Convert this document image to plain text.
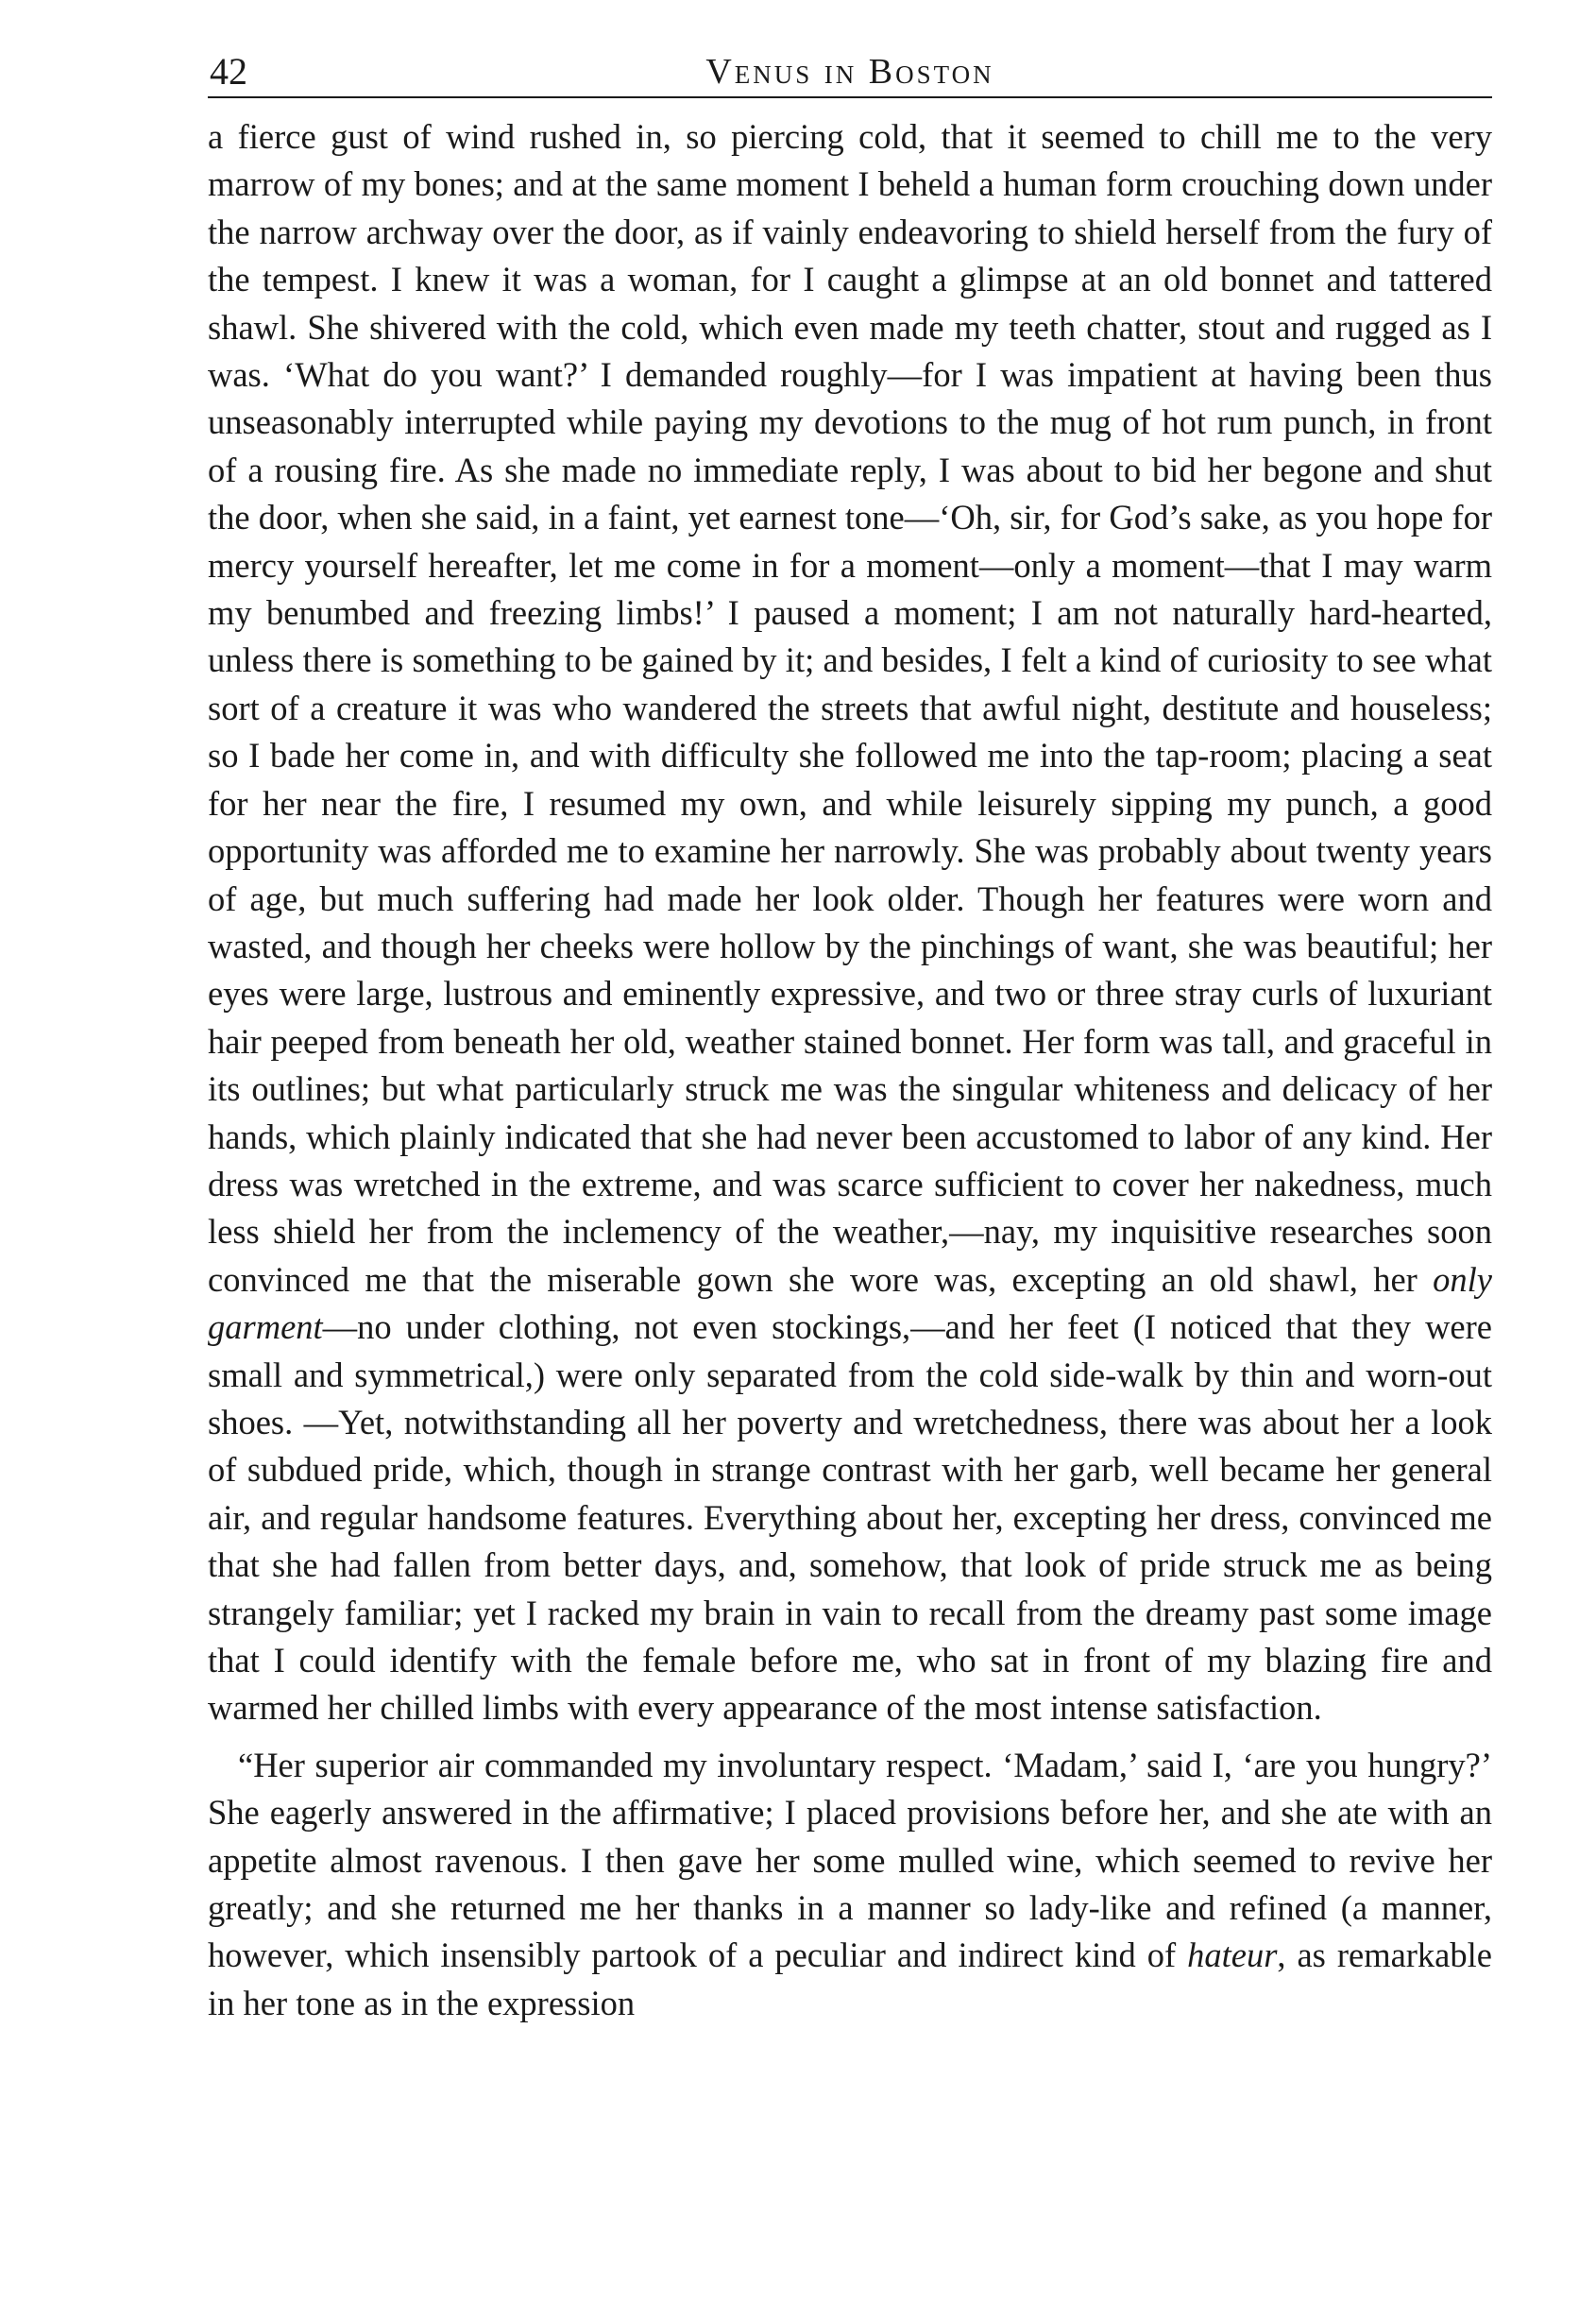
42	Venus in Boston

a fierce gust of wind rushed in, so piercing cold, that it seemed to chill me to the very marrow of my bones; and at the same moment I beheld a human form crouching down under the narrow archway over the door, as if vainly endeavoring to shield herself from the fury of the tempest. I knew it was a woman, for I caught a glimpse at an old bonnet and tattered shawl. She shivered with the cold, which even made my teeth chatter, stout and rugged as I was. ‘What do you want?’ I demanded roughly—for I was impatient at having been thus unseasonably interrupted while paying my devotions to the mug of hot rum punch, in front of a rousing fire. As she made no immediate reply, I was about to bid her begone and shut the door, when she said, in a faint, yet earnest tone—‘Oh, sir, for God’s sake, as you hope for mercy yourself hereafter, let me come in for a moment—only a moment—that I may warm my benumbed and freezing limbs!’ I paused a moment; I am not naturally hard-hearted, unless there is something to be gained by it; and besides, I felt a kind of curiosity to see what sort of a creature it was who wandered the streets that awful night, destitute and houseless; so I bade her come in, and with difficulty she followed me into the tap-room; placing a seat for her near the fire, I resumed my own, and while leisurely sipping my punch, a good opportunity was afforded me to examine her narrowly. She was probably about twenty years of age, but much suffering had made her look older. Though her features were worn and wasted, and though her cheeks were hollow by the pinchings of want, she was beautiful; her eyes were large, lustrous and eminently expressive, and two or three stray curls of luxuriant hair peeped from beneath her old, weather stained bonnet. Her form was tall, and graceful in its outlines; but what particularly struck me was the singular whiteness and delicacy of her hands, which plainly indicated that she had never been accustomed to labor of any kind. Her dress was wretched in the extreme, and was scarce sufficient to cover her nakedness, much less shield her from the inclemency of the weather,—nay, my inquisitive researches soon convinced me that the miserable gown she wore was, excepting an old shawl, her only garment—no under clothing, not even stockings,—and her feet (I noticed that they were small and symmetrical,) were only separated from the cold side-walk by thin and worn-out shoes. —Yet, notwithstanding all her poverty and wretchedness, there was about her a look of subdued pride, which, though in strange contrast with her garb, well became her general air, and regular handsome features. Everything about her, excepting her dress, convinced me that she had fallen from better days, and, somehow, that look of pride struck me as being strangely familiar; yet I racked my brain in vain to recall from the dreamy past some image that I could identify with the female before me, who sat in front of my blazing fire and warmed her chilled limbs with every appearance of the most intense satisfaction.

“Her superior air commanded my involuntary respect. ‘Madam,’ said I, ‘are you hungry?’ She eagerly answered in the affirmative; I placed provisions before her, and she ate with an appetite almost ravenous. I then gave her some mulled wine, which seemed to revive her greatly; and she returned me her thanks in a manner so lady-like and refined (a manner, however, which insensibly partook of a peculiar and indirect kind of hateur, as remarkable in her tone as in the expression
